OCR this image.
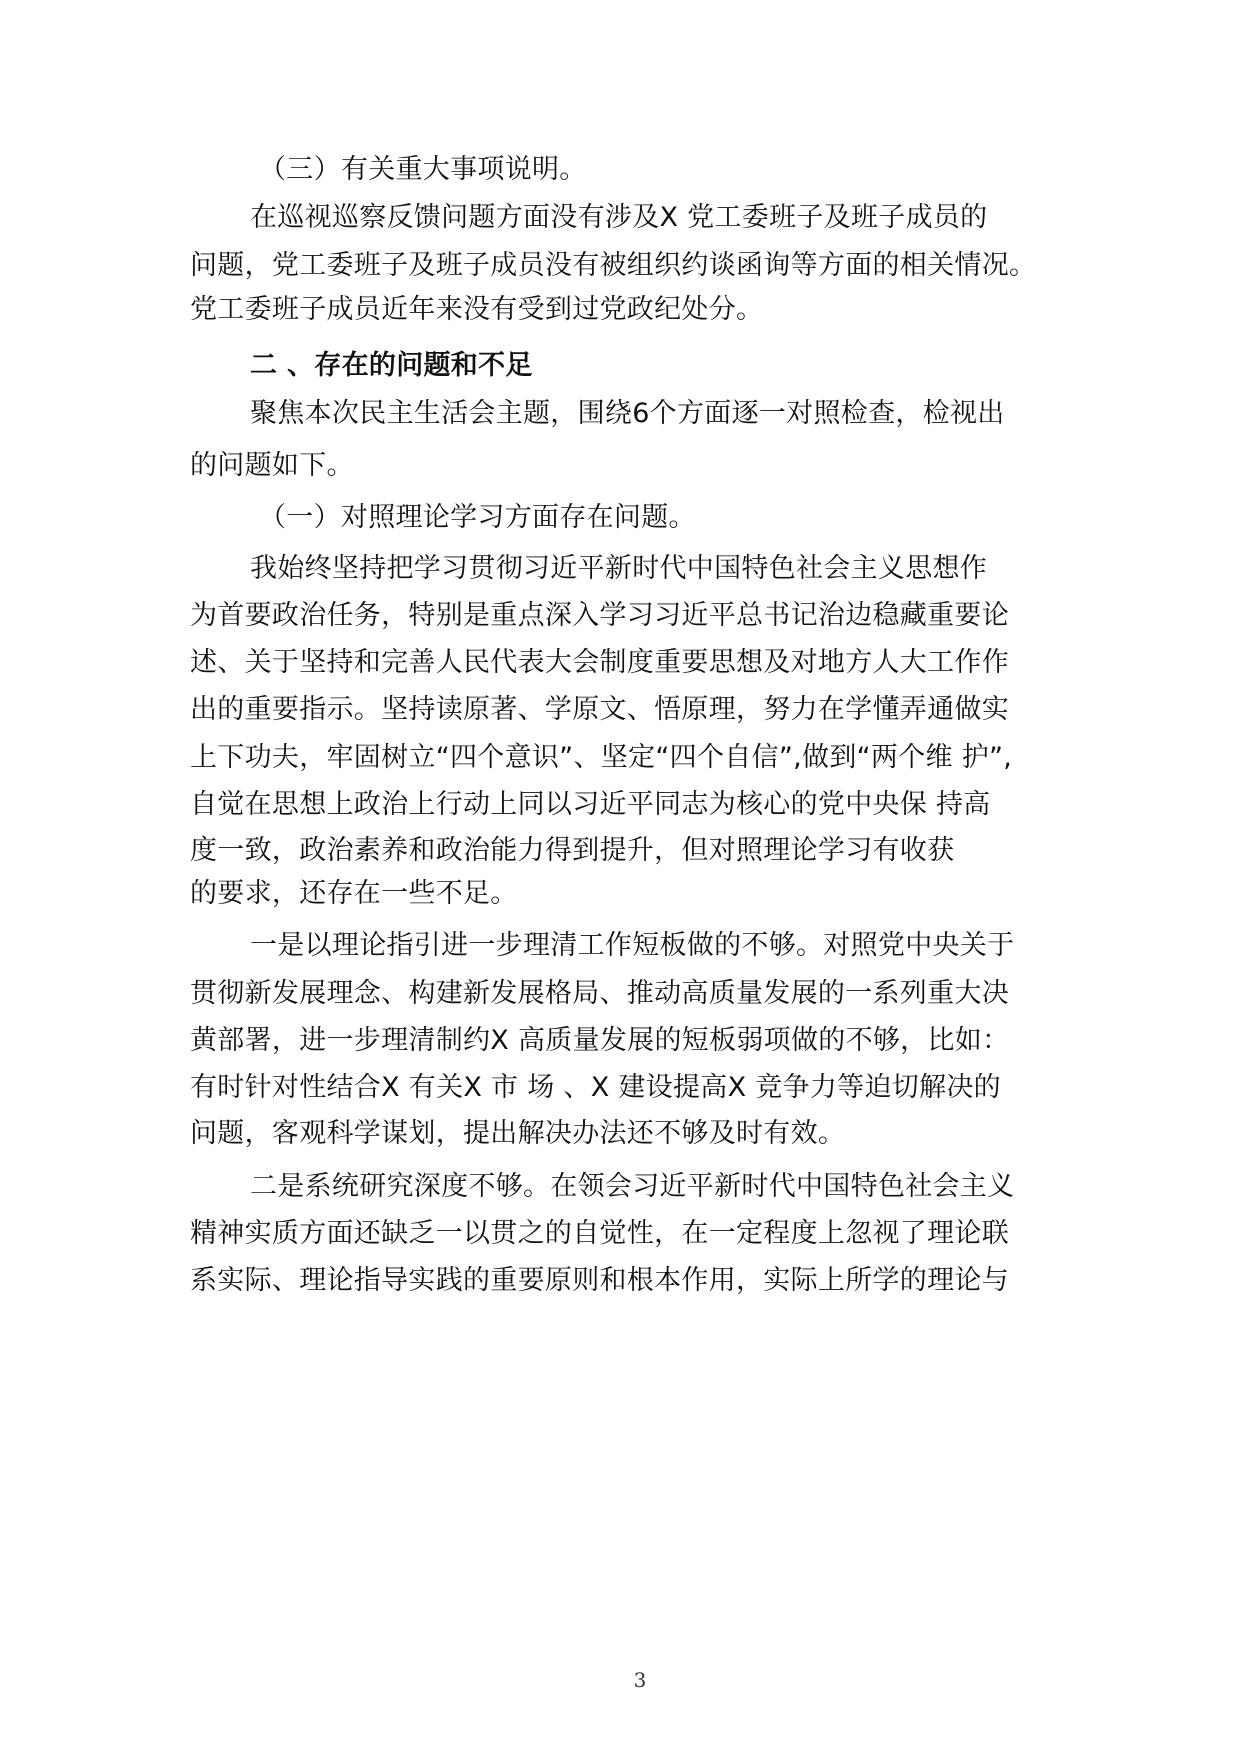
（三）有关重大事项说明。
在巡视巡察反馈问题方面没有涉及X 党工委班子及班子成员的
问题，党工委班子及班子成员没有被组织约谈函询等方面的相关情况。
党工委班子成员近年来没有受到过党政纪处分。
二 、存在的问题和不足
聚焦本次民主生活会主题，围绕6个方面逐一对照检查，检视出
的问题如下。
（一）对照理论学习方面存在问题。
我始终坚持把学习贯彻习近平新时代中国特色社会主义思想作
为首要政治任务，特别是重点深入学习习近平总书记治边稳藏重要论
述、关于坚持和完善人民代表大会制度重要思想及对地方人大工作作
出的重要指示。坚持读原著、学原文、悟原理，努力在学懂弄通做实
上下功夫，牢固树立“四个意识”、坚定“四个自信”,做到“两个维 护”,
自觉在思想上政治上行动上同以习近平同志为核心的党中央保 持高
度一致，政治素养和政治能力得到提升，但对照理论学习有收获
的要求，还存在一些不足。
一是以理论指引进一步理清工作短板做的不够。对照党中央关于
贯彻新发展理念、构建新发展格局、推动高质量发展的一系列重大决
黄部署，进一步理清制约X 高质量发展的短板弱项做的不够，比如：
有时针对性结合X 有关X 市 场 、X 建设提高X 竞争力等迫切解决的
问题，客观科学谋划，提出解决办法还不够及时有效。
二是系统研究深度不够。在领会习近平新时代中国特色社会主义
精神实质方面还缺乏一以贯之的自觉性，在一定程度上忽视了理论联
系实际、理论指导实践的重要原则和根本作用，实际上所学的理论与
3
